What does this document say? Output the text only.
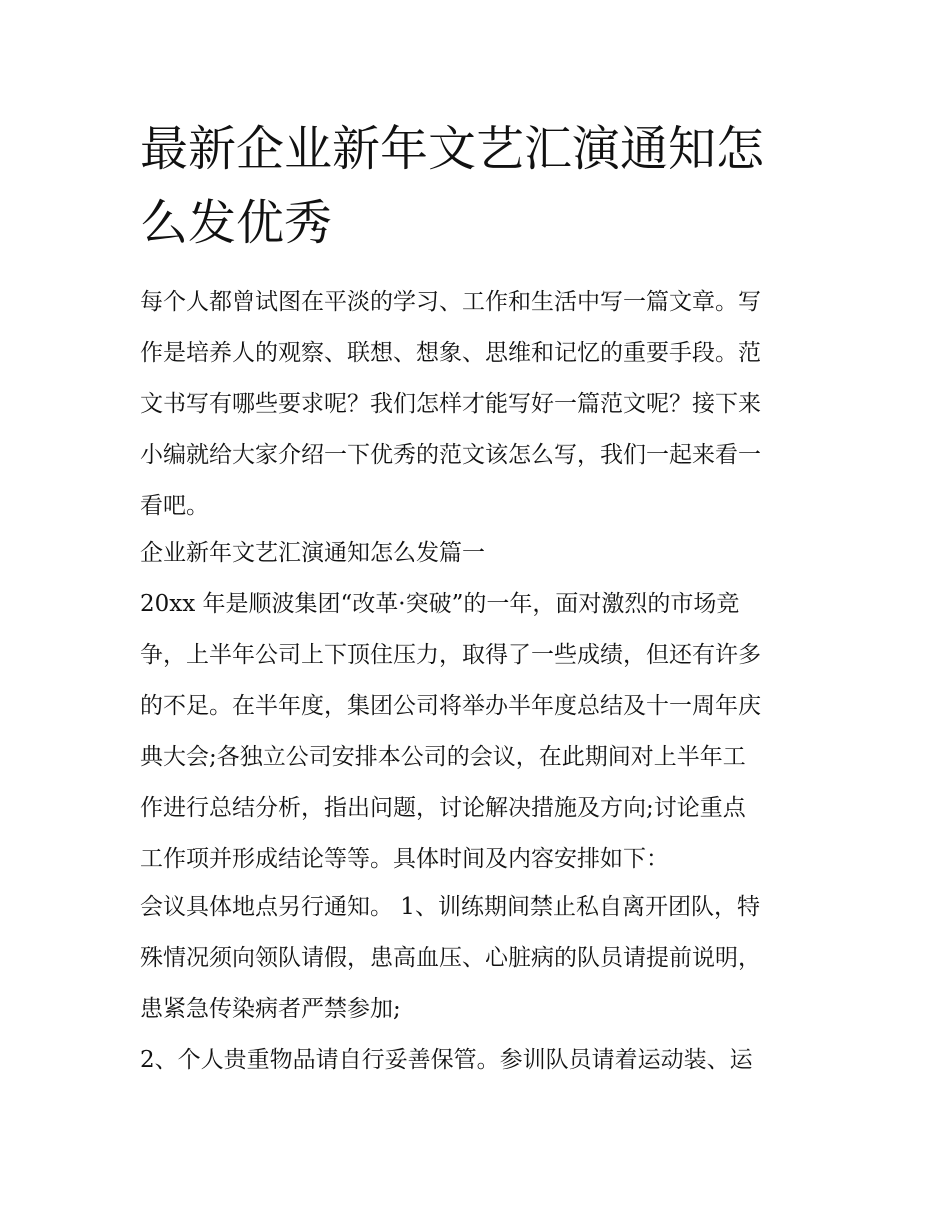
最新企业新年文艺汇演通知怎
么发优秀

每个人都曾试图在平淡的学习、工作和生活中写一篇文章。写
作是培养人的观察、联想、想象、思维和记忆的重要手段。范
文书写有哪些要求呢？我们怎样才能写好一篇范文呢？接下来
小编就给大家介绍一下优秀的范文该怎么写，我们一起来看一
看吧。

企业新年文艺汇演通知怎么发篇一

20xx 年是顺波集团“改革·突破”的一年，面对激烈的市场竞
争，上半年公司上下顶住压力，取得了一些成绩，但还有许多
的不足。在半年度，集团公司将举办半年度总结及十一周年庆
典大会;各独立公司安排本公司的会议，在此期间对上半年工
作进行总结分析，指出问题，讨论解决措施及方向;讨论重点
工作项并形成结论等等。具体时间及内容安排如下：

会议具体地点另行通知。 1、训练期间禁止私自离开团队，特
殊情况须向领队请假，患高血压、心脏病的队员请提前说明，
患紧急传染病者严禁参加;

2、个人贵重物品请自行妥善保管。参训队员请着运动装、运
